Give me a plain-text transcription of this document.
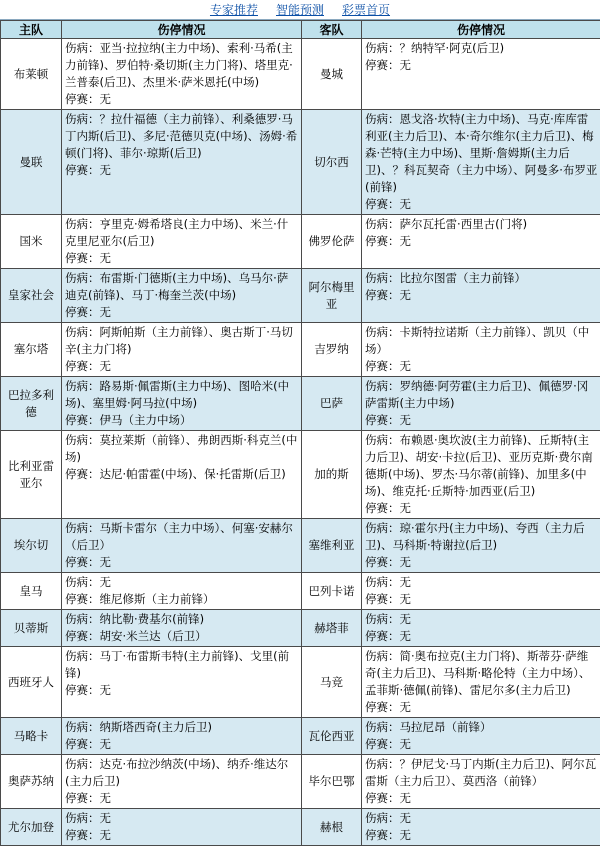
专家推荐 智能预测 彩票首页
主队	伤停情况	客队	伤停情况
布莱顿	伤病：亚当·拉拉纳(主力中场)、索利·马希(主力前锋)、罗伯特·桑切斯(主力门将)、塔里克·兰普泰(后卫)、杰里米·萨米恩托(中场)
停赛：无	曼城	伤病：？纳特罕·阿克(后卫)
停赛：无

曼联	伤病：？拉什福德（主力前锋）、利桑德罗·马丁内斯(后卫)、多尼·范德贝克(中场)、汤姆·希顿(门将)、菲尔·琼斯(后卫)
停赛：无	切尔西	伤病：恩戈洛·坎特(主力中场)、马克·库库雷利亚(主力后卫)、本·奇尔维尔(主力后卫)、梅森·芒特(主力中场)、里斯·詹姆斯(主力后卫)、？科瓦契奇（主力中场）、阿曼多·布罗亚(前锋)
停赛：无

国米	伤病：亨里克·姆希塔良(主力中场)、米兰·什克里尼亚尔(后卫)
停赛：无	佛罗伦萨	伤病：萨尔瓦托雷·西里古(门将)
停赛：无

皇家社会	伤病：布雷斯·门德斯(主力中场)、乌马尔·萨迪克(前锋)、马丁·梅奎兰茨(中场)
停赛：无	阿尔梅里亚	伤病：比拉尔图雷（主力前锋）
停赛：无

塞尔塔	伤病：阿斯帕斯（主力前锋）、奥古斯丁·马切辛(主力门将)
停赛：无	吉罗纳	伤病：卡斯特拉诺斯（主力前锋）、凯贝（中场）
停赛：无

巴拉多利德	伤病：路易斯·佩雷斯(主力中场)、图哈米(中场)、塞里姆·阿马拉(中场)
停赛：伊马（主力中场）	巴萨	伤病：罗纳德·阿劳霍(主力后卫)、佩德罗·冈萨雷斯(主力中场)
停赛：无

比利亚雷亚尔	伤病：莫拉莱斯（前锋）、弗朗西斯·科克兰(中场)
停赛：达尼·帕雷霍(中场)、保·托雷斯(后卫)	加的斯	伤病：布赖恩·奥坎波(主力前锋)、丘斯特(主力后卫)、胡安·卡拉(后卫)、亚历克斯·费尔南德斯(中场)、罗杰·马尔蒂(前锋)、加里多(中场)、维克托·丘斯特·加西亚(后卫)
停赛：无

埃尔切	伤病：马斯卡雷尔（主力中场）、何塞·安赫尔（后卫）
停赛：无	塞维利亚	伤病：琼·霍尔丹(主力中场)、夸西（主力后卫)、马科斯·特谢拉(后卫)
停赛：无

皇马	伤病：无
停赛：维尼修斯（主力前锋）	巴列卡诺	伤病：无
停赛：无

贝蒂斯	伤病：纳比勒·费基尔(前锋)
停赛：胡安·米兰达（后卫）	赫塔菲	伤病：无
停赛：无

西班牙人	伤病：马丁·布雷斯韦特(主力前锋)、戈里(前锋)
停赛：无	马竞	伤病：简·奥布拉克(主力门将)、斯蒂芬·萨维奇(主力后卫)、马科斯·略伦特（主力中场）、孟菲斯·德佩(前锋)、雷尼尔多(主力后卫)
停赛：无

马略卡	伤病：纳斯塔西奇(主力后卫)
停赛：无	瓦伦西亚	伤病：马拉尼昂（前锋）
停赛：无

奥萨苏纳	伤病：达克·布拉沙纳茨(中场)、纳乔·维达尔(主力后卫)
停赛：无	毕尔巴鄂	伤病：？伊尼戈·马丁内斯(主力后卫)、阿尔瓦雷斯（主力后卫）、莫西洛（前锋）
停赛：无

尤尔加登	伤病：无
停赛：无	赫根	伤病：无
停赛：无
